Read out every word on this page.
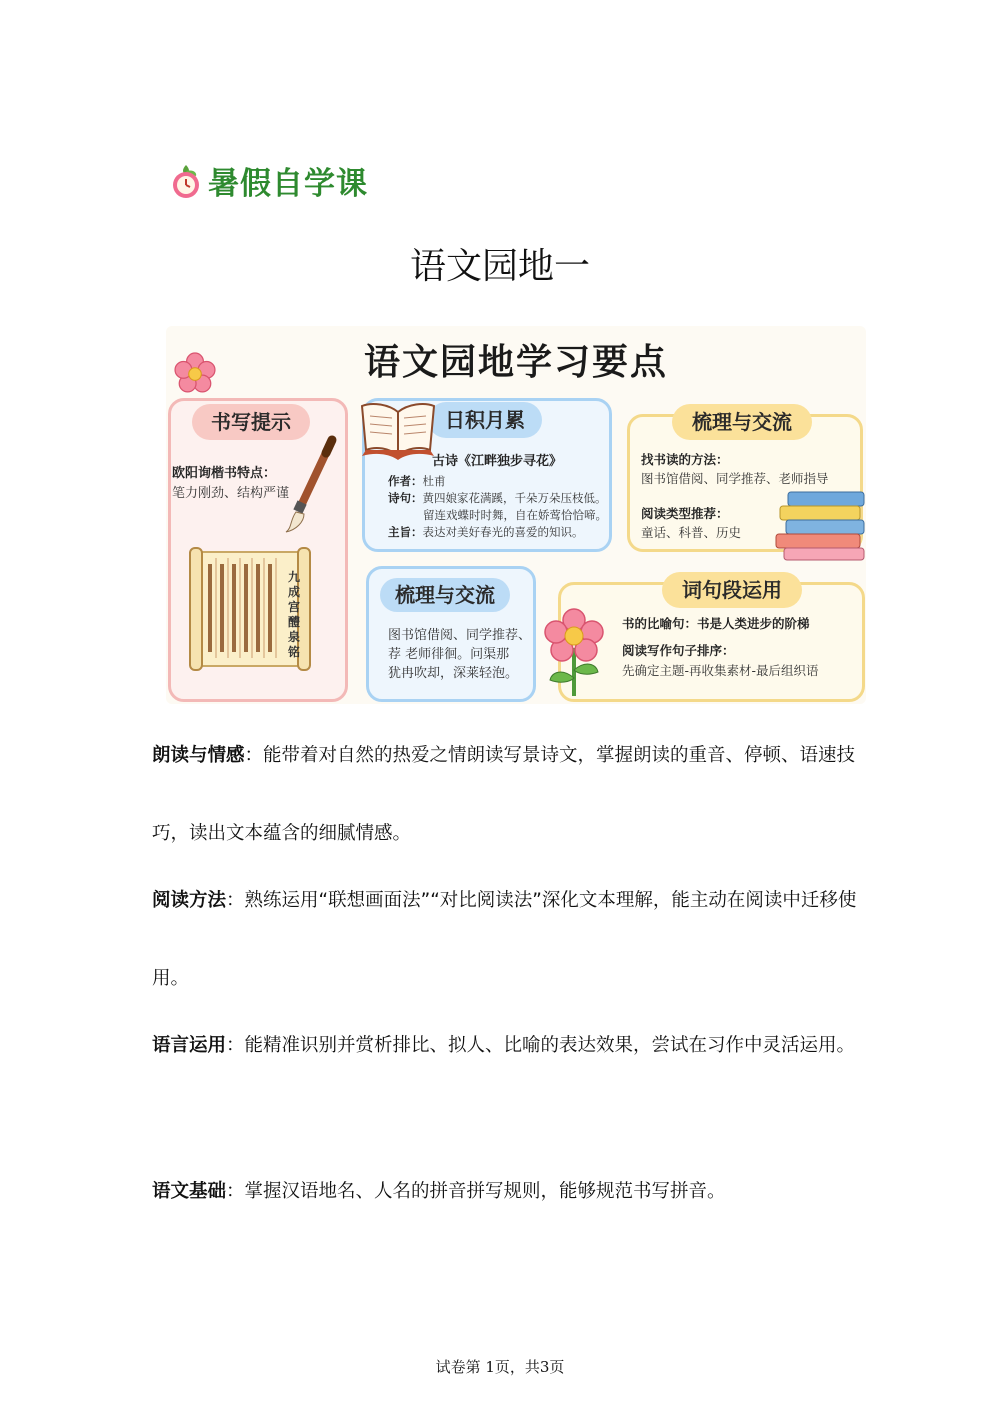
暑假自学课
语文园地一
语文园地学习要点
书写提示	日积月累	梳理与交流
梳理与交流	词句段运用
欧阳询楷书特点：
笔力刚劲、结构严谨
九成宫醴泉铭
古诗《江畔独步寻花》
作者：杜甫
诗句：黄四娘家花满蹊，千朵万朵压枝低。
留连戏蝶时时舞，自在娇莺恰恰啼。
主旨：表达对美好春光的喜爱的知识。
找书读的方法：
图书馆借阅、同学推荐、老师指导
阅读类型推荐：
童话、科普、历史
图书馆借阅、同学推荐、
荐 老师徘徊。问渠那
犹冉吹却，深莱轻泡。
书的比喻句：书是人类进步的阶梯
阅读写作句子排序：
先确定主题-再收集素材-最后组织语
朗读与情感：能带着对自然的热爱之情朗读写景诗文，掌握朗读的重音、停顿、语速技巧，读出文本蕴含的细腻情感。
阅读方法：熟练运用“联想画面法”“对比阅读法”深化文本理解，能主动在阅读中迁移使用。
语言运用：能精准识别并赏析排比、拟人、比喻的表达效果，尝试在习作中灵活运用。
语文基础：掌握汉语地名、人名的拼音拼写规则，能够规范书写拼音。
试卷第 1页，共3页
